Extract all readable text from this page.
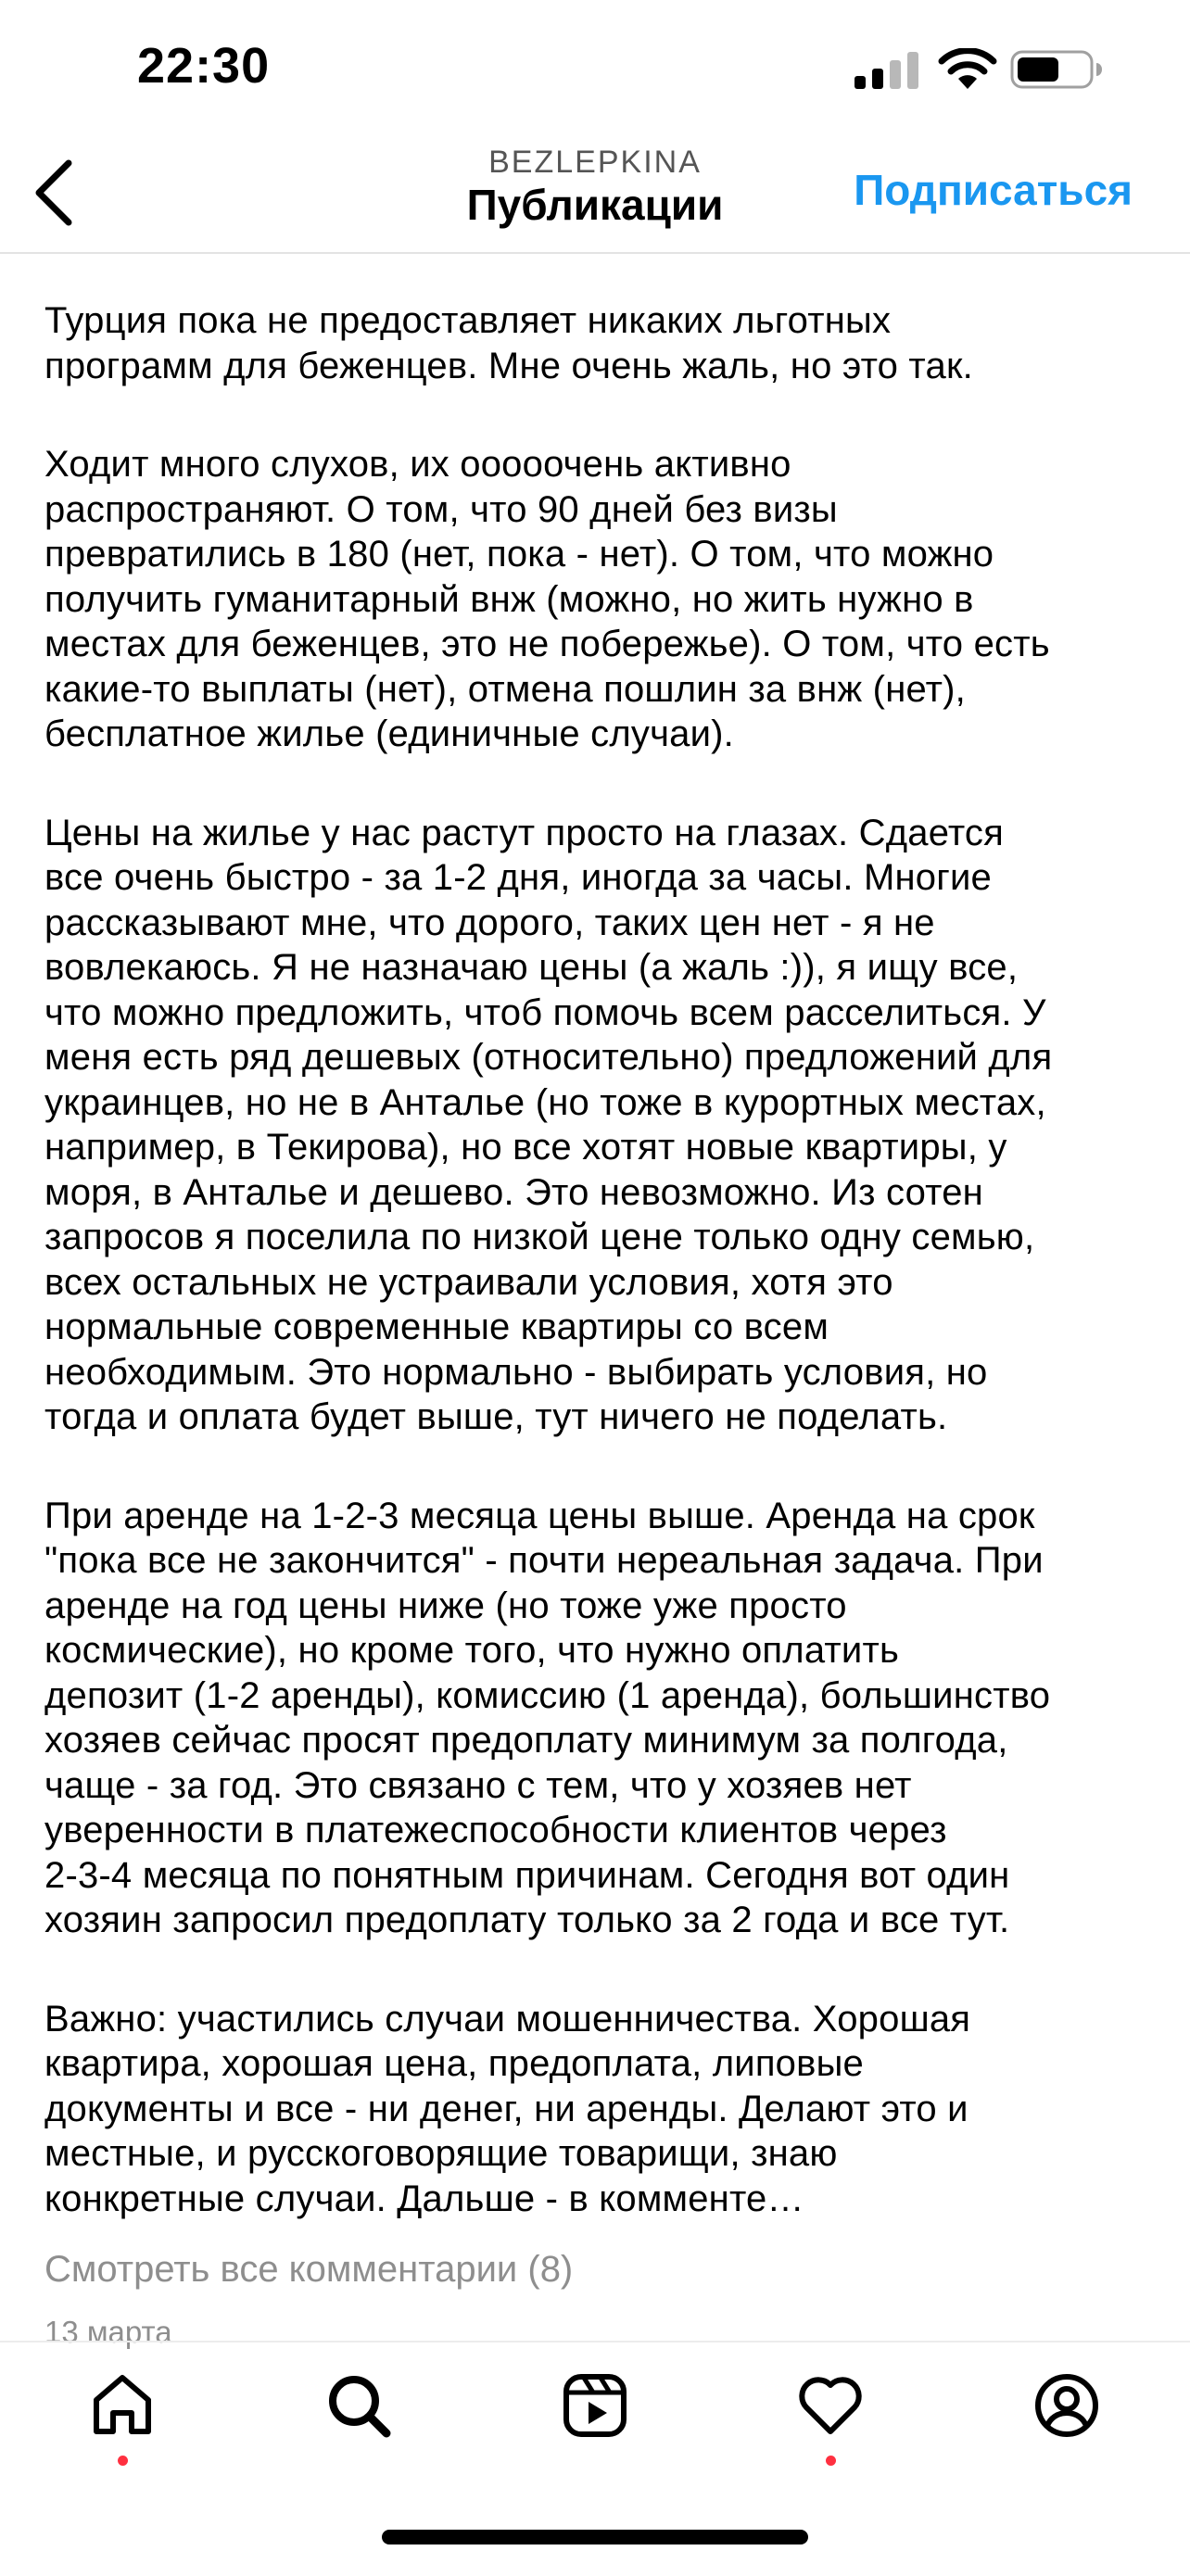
22:30
BEZLEPKINA
Публикации	Подписаться

Турция пока не предоставляет никаких льготных
программ для беженцев. Мне очень жаль, но это так.

Ходит много слухов, их ооооочень активно
распространяют. О том, что 90 дней без визы
превратились в 180 (нет, пока - нет). О том, что можно
получить гуманитарный внж (можно, но жить нужно в
местах для беженцев, это не побережье). О том, что есть
какие-то выплаты (нет), отмена пошлин за внж (нет),
бесплатное жилье (единичные случаи).

Цены на жилье у нас растут просто на глазах. Сдается
все очень быстро - за 1-2 дня, иногда за часы. Многие
рассказывают мне, что дорого, таких цен нет - я не
вовлекаюсь. Я не назначаю цены (а жаль :)), я ищу все,
что можно предложить, чтоб помочь всем расселиться. У
меня есть ряд дешевых (относительно) предложений для
украинцев, но не в Анталье (но тоже в курортных местах,
например, в Текирова), но все хотят новые квартиры, у
моря, в Анталье и дешево. Это невозможно. Из сотен
запросов я поселила по низкой цене только одну семью,
всех остальных не устраивали условия, хотя это
нормальные современные квартиры со всем
необходимым. Это нормально - выбирать условия, но
тогда и оплата будет выше, тут ничего не поделать.

При аренде на 1-2-3 месяца цены выше. Аренда на срок
"пока все не закончится" - почти нереальная задача. При
аренде на год цены ниже (но тоже уже просто
космические), но кроме того, что нужно оплатить
депозит (1-2 аренды), комиссию (1 аренда), большинство
хозяев сейчас просят предоплату минимум за полгода,
чаще - за год. Это связано с тем, что у хозяев нет
уверенности в платежеспособности клиентов через
2-3-4 месяца по понятным причинам. Сегодня вот один
хозяин запросил предоплату только за 2 года и все тут.

Важно: участились случаи мошенничества. Хорошая
квартира, хорошая цена, предоплата, липовые
документы и все - ни денег, ни аренды. Делают это и
местные, и русскоговорящие товарищи, знаю
конкретные случаи. Дальше - в комменте…

Смотреть все комментарии (8)
13 марта
